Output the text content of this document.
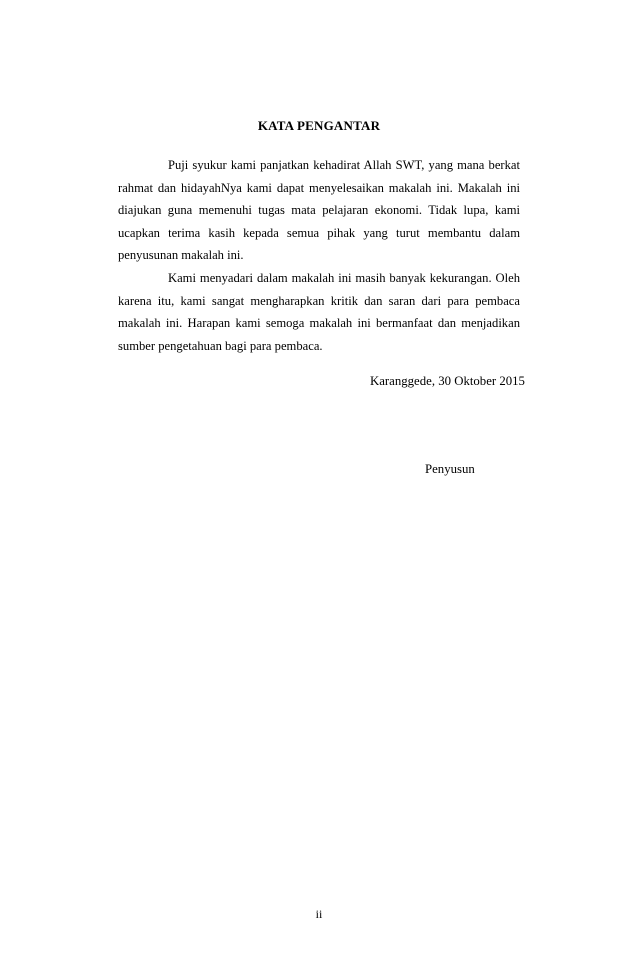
KATA PENGANTAR

Puji syukur kami panjatkan kehadirat Allah SWT, yang mana berkat rahmat dan hidayahNya kami dapat menyelesaikan makalah ini. Makalah ini diajukan guna memenuhi tugas mata pelajaran ekonomi. Tidak lupa, kami ucapkan terima kasih kepada semua pihak yang turut membantu dalam penyusunan makalah ini.

Kami menyadari dalam makalah ini masih banyak kekurangan. Oleh karena itu, kami sangat mengharapkan kritik dan saran dari para pembaca makalah ini. Harapan kami semoga makalah ini bermanfaat dan menjadikan sumber pengetahuan bagi para pembaca.

Karanggede, 30 Oktober 2015
Penyusun
ii
